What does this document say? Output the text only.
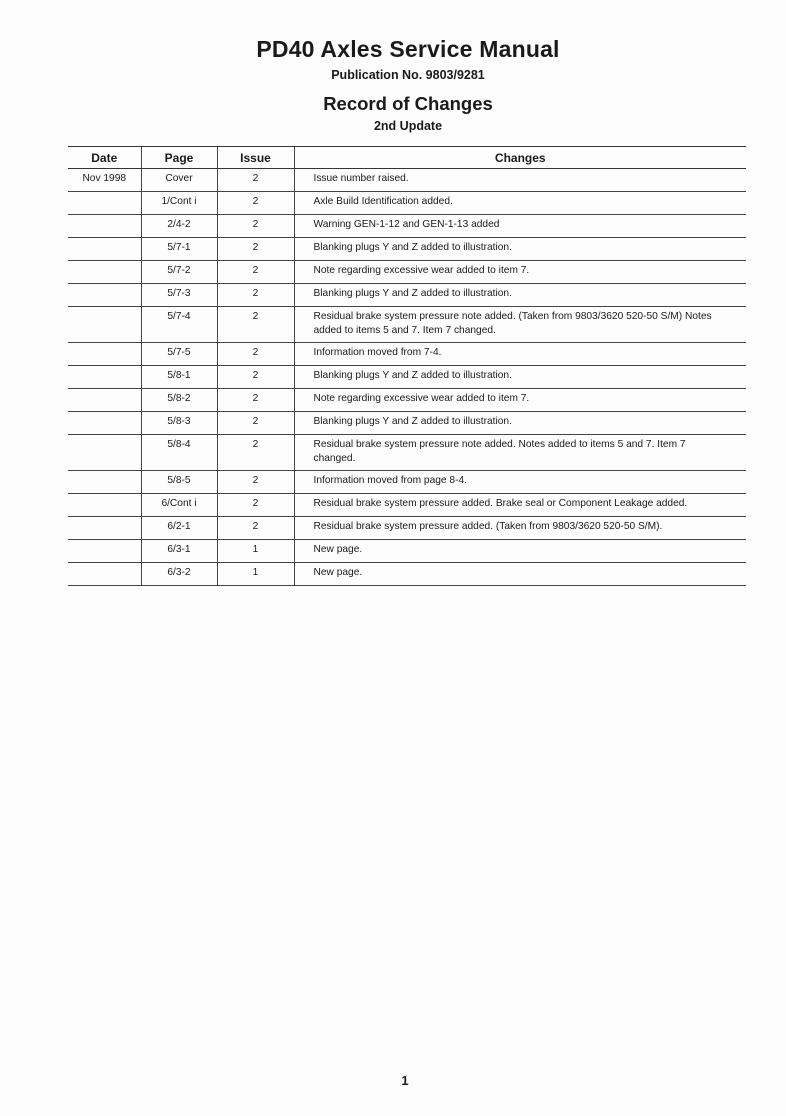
PD40 Axles Service Manual
Publication No. 9803/9281
Record of Changes
2nd Update
Date	Page	Issue	Changes
Nov 1998	Cover	2	Issue number raised.
	1/Cont i	2	Axle Build Identification added.
	2/4-2	2	Warning GEN-1-12 and GEN-1-13 added
	5/7-1	2	Blanking plugs Y and Z added to illustration.
	5/7-2	2	Note regarding excessive wear added to item 7.
	5/7-3	2	Blanking plugs Y and Z added to illustration.
	5/7-4	2	Residual brake system pressure note added. (Taken from 9803/3620 520-50 S/M) Notes added to items 5 and 7. Item 7 changed.
	5/7-5	2	Information moved from 7-4.
	5/8-1	2	Blanking plugs Y and Z added to illustration.
	5/8-2	2	Note regarding excessive wear added to item 7.
	5/8-3	2	Blanking plugs Y and Z added to illustration.
	5/8-4	2	Residual brake system pressure note added. Notes added to items 5 and 7. Item 7 changed.
	5/8-5	2	Information moved from page 8-4.
	6/Cont i	2	Residual brake system pressure added. Brake seal or Component Leakage added.
	6/2-1	2	Residual brake system pressure added. (Taken from 9803/3620 520-50 S/M).
	6/3-1	1	New page.
	6/3-2	1	New page.
1
